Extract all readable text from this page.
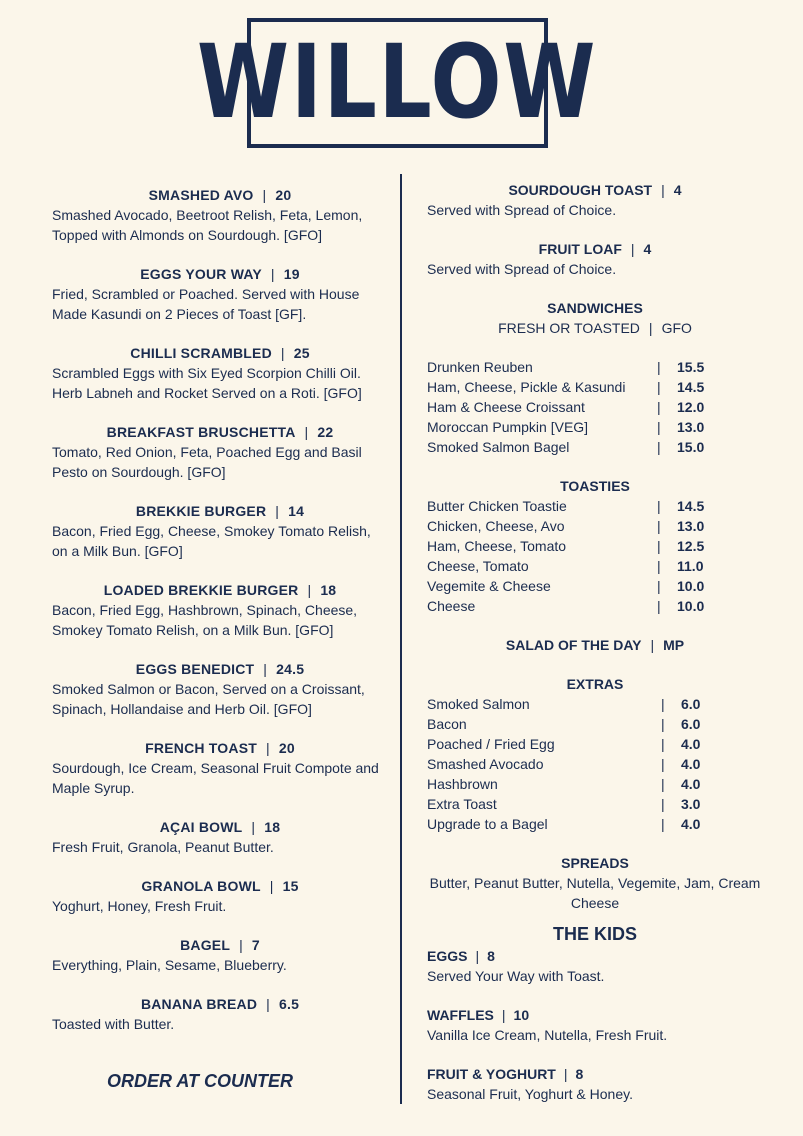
WILLOW
SMASHED AVO | 20
Smashed Avocado, Beetroot Relish, Feta, Lemon, Topped with Almonds on Sourdough. [GFO]
EGGS YOUR WAY | 19
Fried, Scrambled or Poached. Served with House Made Kasundi on 2 Pieces of Toast [GF].
CHILLI SCRAMBLED | 25
Scrambled Eggs with Six Eyed Scorpion Chilli Oil. Herb Labneh and Rocket Served on a Roti. [GFO]
BREAKFAST BRUSCHETTA | 22
Tomato, Red Onion, Feta, Poached Egg and Basil Pesto on Sourdough. [GFO]
BREKKIE BURGER | 14
Bacon, Fried Egg, Cheese, Smokey Tomato Relish, on a Milk Bun. [GFO]
LOADED BREKKIE BURGER | 18
Bacon, Fried Egg, Hashbrown, Spinach, Cheese, Smokey Tomato Relish, on a Milk Bun. [GFO]
EGGS BENEDICT | 24.5
Smoked Salmon or Bacon, Served on a Croissant, Spinach, Hollandaise and Herb Oil. [GFO]
FRENCH TOAST | 20
Sourdough, Ice Cream, Seasonal Fruit Compote and Maple Syrup.
AÇAI BOWL | 18
Fresh Fruit, Granola, Peanut Butter.
GRANOLA BOWL | 15
Yoghurt, Honey, Fresh Fruit.
BAGEL | 7
Everything, Plain, Sesame, Blueberry.
BANANA BREAD | 6.5
Toasted with Butter.
ORDER AT COUNTER
SOURDOUGH TOAST | 4
Served with Spread of Choice.
FRUIT LOAF | 4
Served with Spread of Choice.
SANDWICHES
FRESH OR TOASTED | GFO
Drunken Reuben	|	15.5
Ham, Cheese, Pickle & Kasundi	|	14.5
Ham & Cheese Croissant	|	12.0
Moroccan Pumpkin [VEG]	|	13.0
Smoked Salmon Bagel	|	15.0
TOASTIES
Butter Chicken Toastie	|	14.5
Chicken, Cheese, Avo	|	13.0
Ham, Cheese, Tomato	|	12.5
Cheese, Tomato	|	11.0
Vegemite & Cheese	|	10.0
Cheese	|	10.0
SALAD OF THE DAY | MP
EXTRAS
Smoked Salmon	|	6.0
Bacon	|	6.0
Poached / Fried Egg	|	4.0
Smashed Avocado	|	4.0
Hashbrown	|	4.0
Extra Toast	|	3.0
Upgrade to a Bagel	|	4.0
SPREADS
Butter, Peanut Butter, Nutella, Vegemite, Jam, Cream Cheese
THE KIDS
EGGS | 8
Served Your Way with Toast.
WAFFLES | 10
Vanilla Ice Cream, Nutella, Fresh Fruit.
FRUIT & YOGHURT | 8
Seasonal Fruit, Yoghurt & Honey.
